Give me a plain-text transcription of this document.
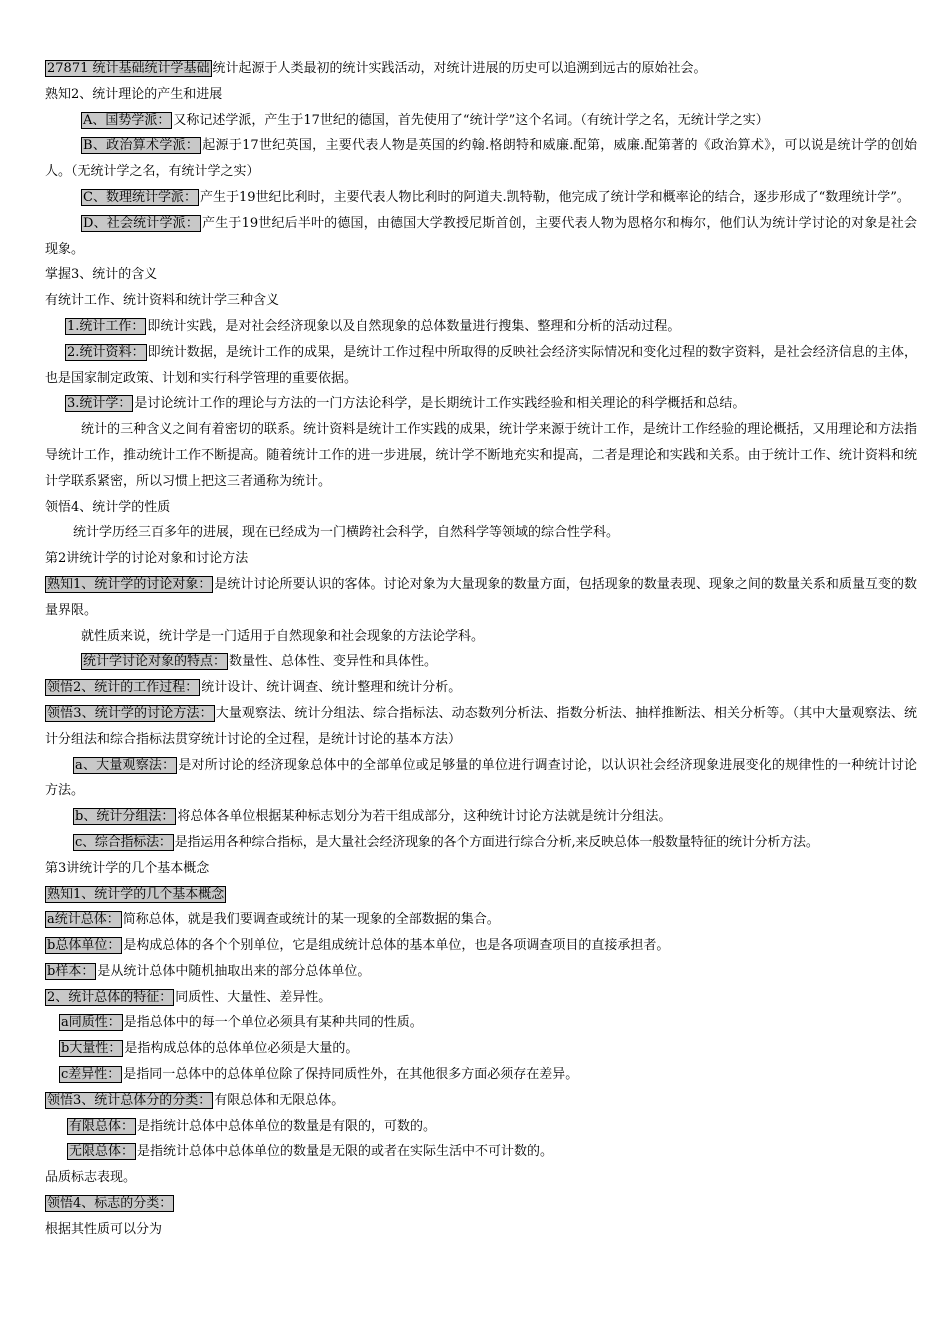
27871 统计基础统计学基础 统计起源于人类最初的统计实践活动，对统计进展的历史可以追溯到远古的原始社会。

熟知2、统计理论的产生和进展

A、国势学派： 又称记述学派，产生于17世纪的德国，首先使用了“统计学”这个名词。（有统计学之名，无统计学之实）

B、政治算术学派： 起源于17世纪英国，主要代表人物是英国的约翰.格朗特和威廉.配第，威廉.配第著的《政治算术》，可以说是统计学的创始人。（无统计学之名，有统计学之实）

C、数理统计学派： 产生于19世纪比利时，主要代表人物比利时的阿道夫.凯特勒，他完成了统计学和概率论的结合，逐步形成了“数理统计学”。

D、社会统计学派： 产生于19世纪后半叶的德国，由德国大学教授尼斯首创，主要代表人物为恩格尔和梅尔，他们认为统计学讨论的对象是社会现象。

掌握3、统计的含义

有统计工作、统计资料和统计学三种含义

1.统计工作： 即统计实践，是对社会经济现象以及自然现象的总体数量进行搜集、整理和分析的活动过程。

2.统计资料： 即统计数据，是统计工作的成果，是统计工作过程中所取得的反映社会经济实际情况和变化过程的数字资料，是社会经济信息的主体，也是国家制定政策、计划和实行科学管理的重要依据。

3.统计学： 是讨论统计工作的理论与方法的一门方法论科学，是长期统计工作实践经验和相关理论的科学概括和总结。

统计的三种含义之间有着密切的联系。统计资料是统计工作实践的成果，统计学来源于统计工作，是统计工作经验的理论概括，又用理论和方法指导统计工作，推动统计工作不断提高。随着统计工作的进一步进展，统计学不断地充实和提高，二者是理论和实践和关系。由于统计工作、统计资料和统计学联系紧密，所以习惯上把这三者通称为统计。

领悟4、统计学的性质

统计学历经三百多年的进展，现在已经成为一门横跨社会科学，自然科学等领域的综合性学科。

第2讲统计学的讨论对象和讨论方法

熟知1、统计学的讨论对象： 是统计讨论所要认识的客体。讨论对象为大量现象的数量方面，包括现象的数量表现、现象之间的数量关系和质量互变的数量界限。

就性质来说，统计学是一门适用于自然现象和社会现象的方法论学科。

统计学讨论对象的特点： 数量性、总体性、变异性和具体性。

领悟2、统计的工作过程： 统计设计、统计调查、统计整理和统计分析。

领悟3、统计学的讨论方法： 大量观察法、统计分组法、综合指标法、动态数列分析法、指数分析法、抽样推断法、相关分析等。（其中大量观察法、统计分组法和综合指标法贯穿统计讨论的全过程，是统计讨论的基本方法）

a、大量观察法： 是对所讨论的经济现象总体中的全部单位或足够量的单位进行调查讨论，以认识社会经济现象进展变化的规律性的一种统计讨论方法。

b、统计分组法： 将总体各单位根据某种标志划分为若干组成部分，这种统计讨论方法就是统计分组法。

c、综合指标法： 是指运用各种综合指标，是大量社会经济现象的各个方面进行综合分析,来反映总体一般数量特征的统计分析方法。

第3讲统计学的几个基本概念

熟知1、统计学的几个基本概念

a统计总体： 简称总体，就是我们要调查或统计的某一现象的全部数据的集合。

b总体单位： 是构成总体的各个个别单位，它是组成统计总体的基本单位，也是各项调查项目的直接承担者。

b样本： 是从统计总体中随机抽取出来的部分总体单位。

2、统计总体的特征： 同质性、大量性、差异性。

a同质性： 是指总体中的每一个单位必须具有某种共同的性质。

b大量性： 是指构成总体的总体单位必须是大量的。

c差异性： 是指同一总体中的总体单位除了保持同质性外，在其他很多方面必须存在差异。

领悟3、统计总体分的分类： 有限总体和无限总体。

有限总体： 是指统计总体中总体单位的数量是有限的，可数的。

无限总体： 是指统计总体中总体单位的数量是无限的或者在实际生活中不可计数的。

品质标志表现。

领悟4、标志的分类：

根据其性质可以分为
